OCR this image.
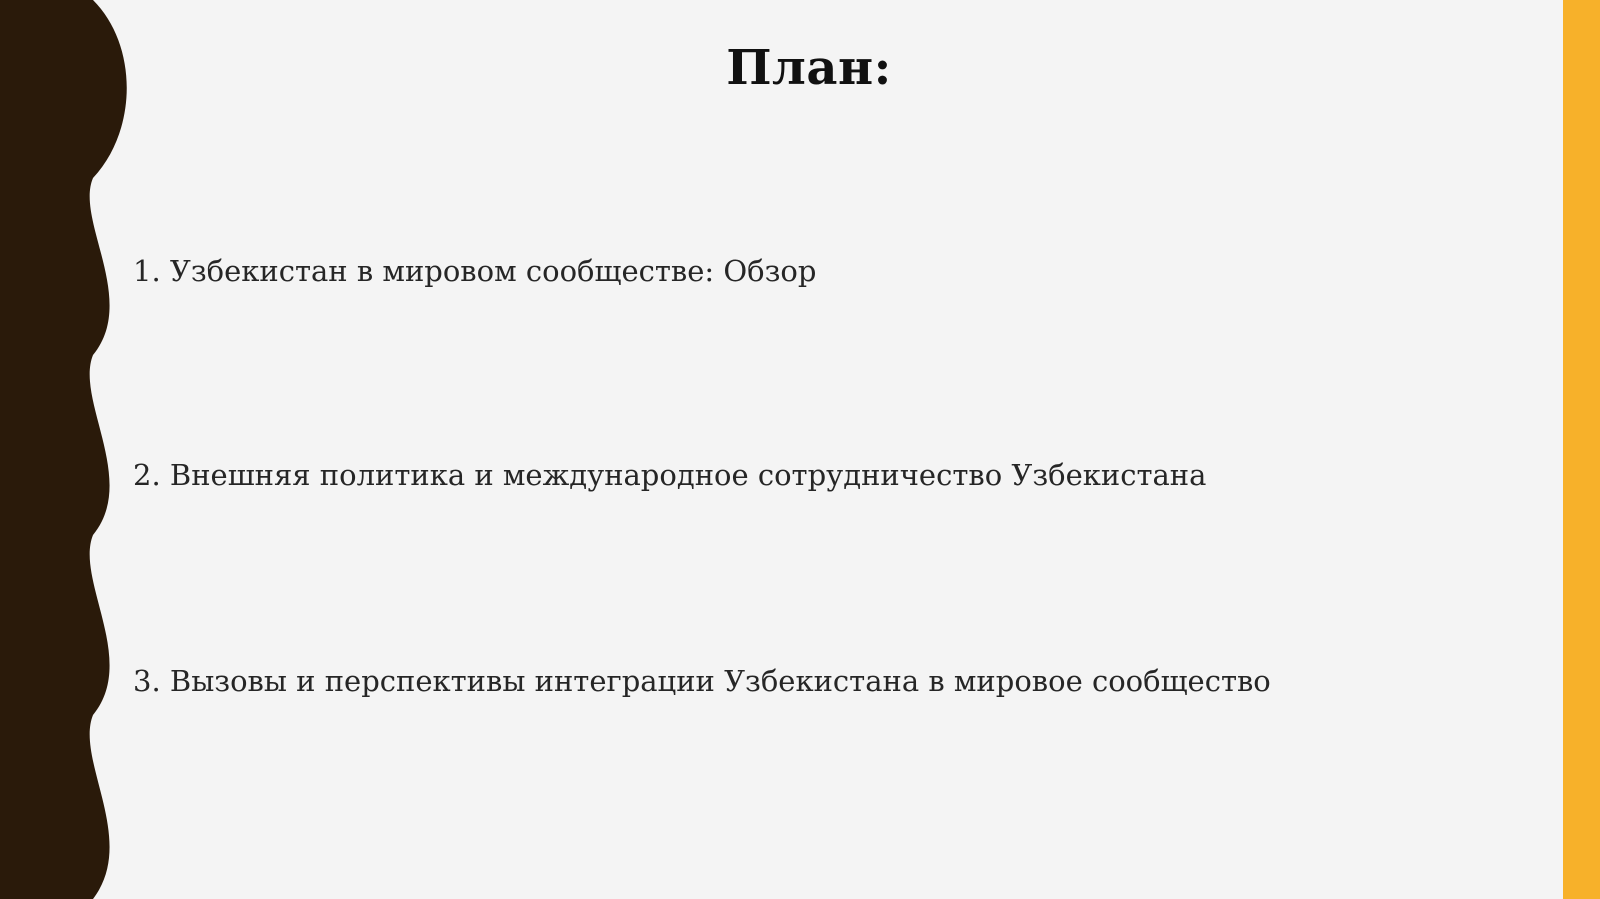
План:

1. Узбекистан в мировом сообществе: Обзор

2. Внешняя политика и международное сотрудничество Узбекистана

3. Вызовы и перспективы интеграции Узбекистана в мировое сообщество
